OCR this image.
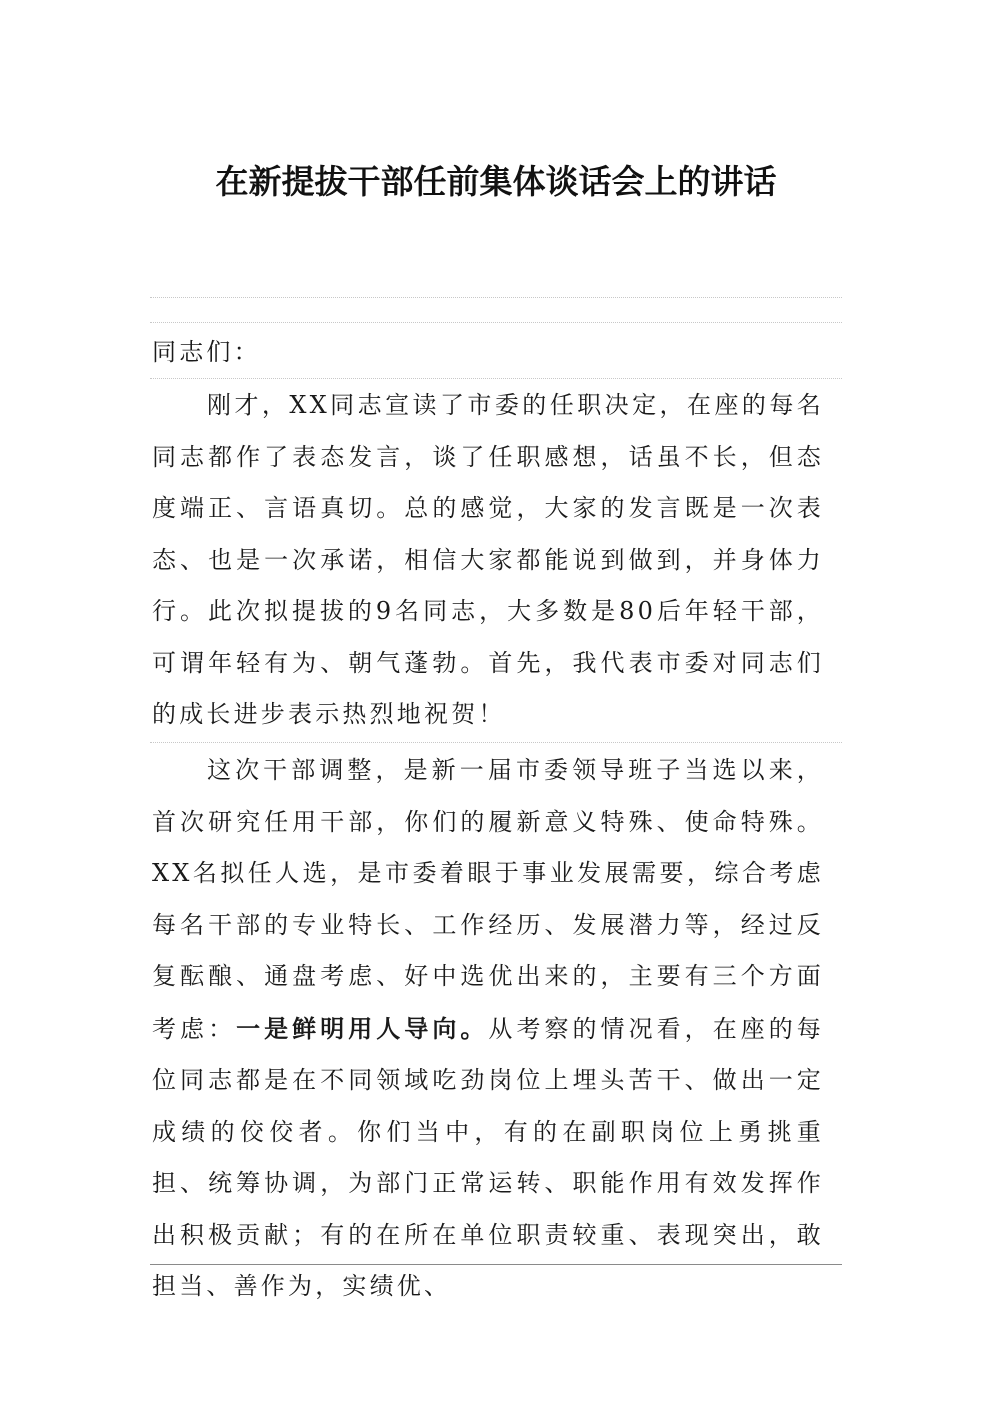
在新提拔干部任前集体谈话会上的讲话
同志们：
刚才，XX同志宣读了市委的任职决定，在座的每名同志都作了表态发言，谈了任职感想，话虽不长，但态度端正、言语真切。总的感觉，大家的发言既是一次表态、也是一次承诺，相信大家都能说到做到，并身体力行。此次拟提拔的9名同志，大多数是80后年轻干部，可谓年轻有为、朝气蓬勃。首先，我代表市委对同志们的成长进步表示热烈地祝贺！
这次干部调整，是新一届市委领导班子当选以来，首次研究任用干部，你们的履新意义特殊、使命特殊。XX名拟任人选，是市委着眼于事业发展需要，综合考虑每名干部的专业特长、工作经历、发展潜力等，经过反复酝酿、通盘考虑、好中选优出来的，主要有三个方面考虑：一是鲜明用人导向。从考察的情况看，在座的每位同志都是在不同领域吃劲岗位上埋头苦干、做出一定成绩的佼佼者。你们当中，有的在副职岗位上勇挑重担、统筹协调，为部门正常运转、职能作用有效发挥作出积极贡献；有的在所在单位职责较重、表现突出，敢担当、善作为，实绩优、
